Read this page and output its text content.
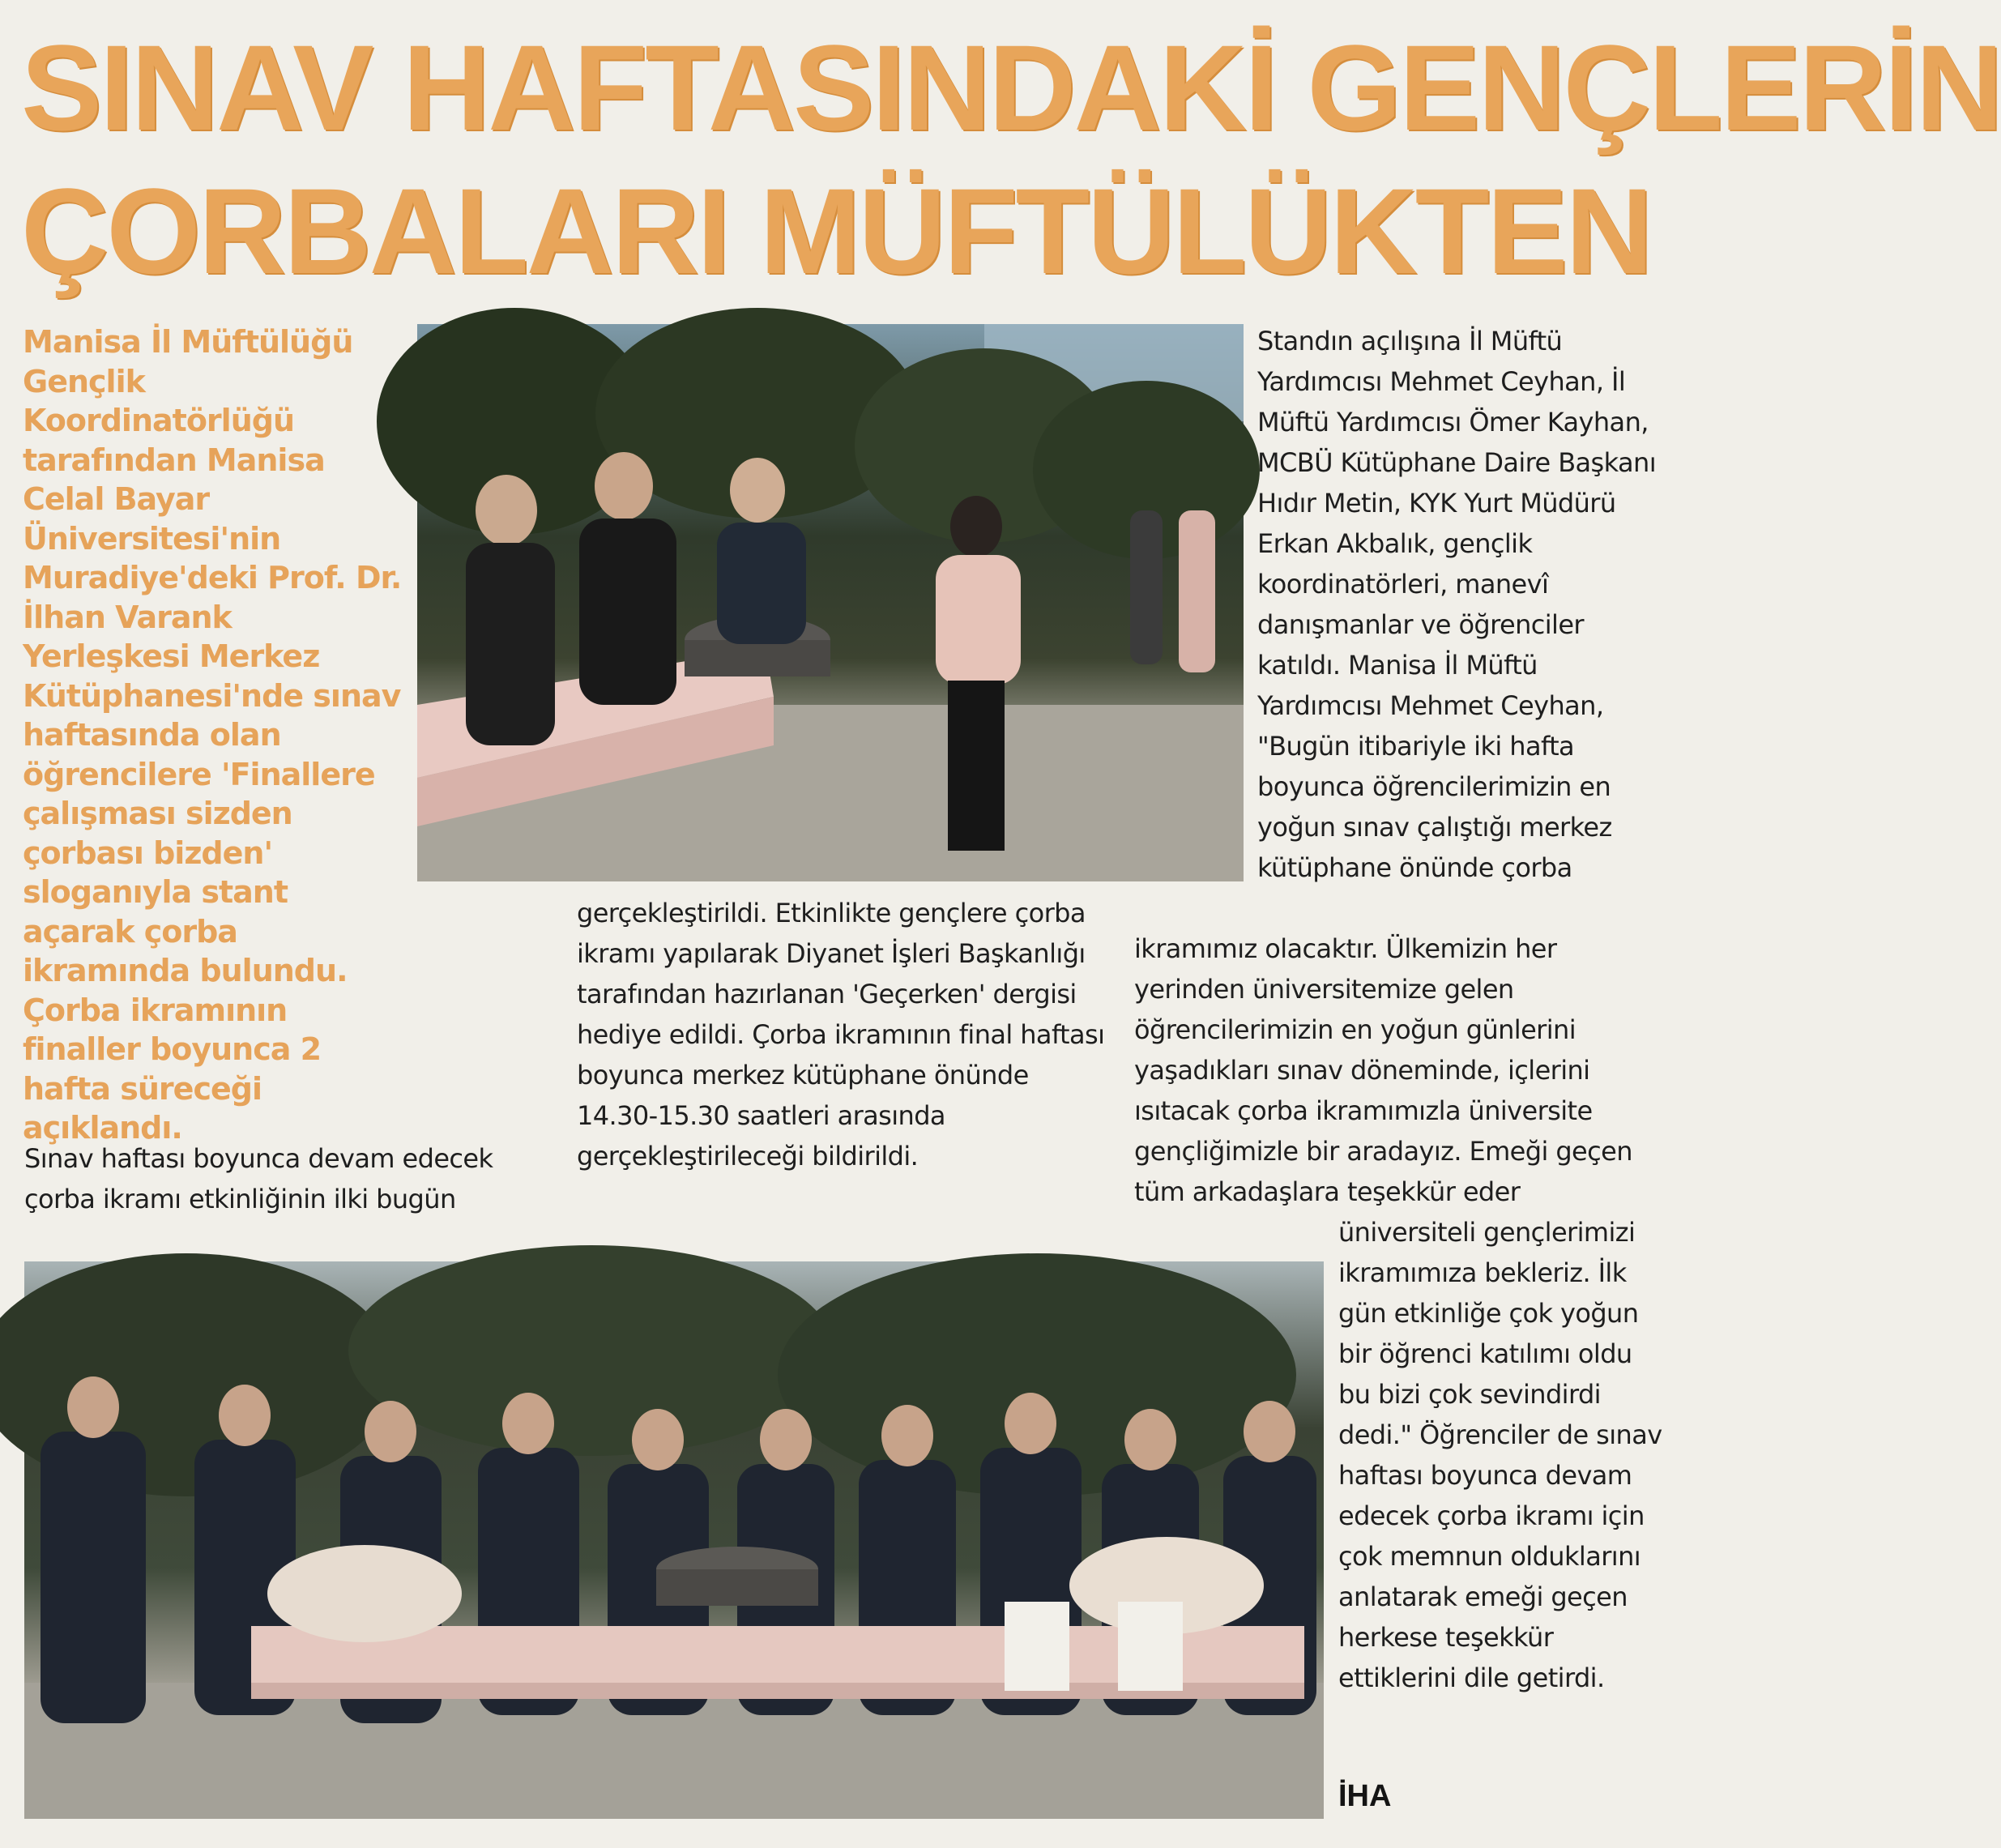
SINAV HAFTASINDAKİ GENÇLERİN
ÇORBALARI MÜFTÜLÜKTEN

Manisa İl Müftülüğü Gençlik Koordinatörlüğü tarafından Manisa Celal Bayar Üniversitesi'nin Muradiye'deki Prof. Dr. İlhan Varank Yerleşkesi Merkez Kütüphanesi'nde sınav haftasında olan öğrencilere 'Finallere çalışması sizden çorbası bizden' sloganıyla stant açarak çorba ikramında bulundu. Çorba ikramının finaller boyunca 2 hafta süreceği açıklandı.

Sınav haftası boyunca devam edecek çorba ikramı etkinliğinin ilki bugün

gerçekleştirildi. Etkinlikte gençlere çorba ikramı yapılarak Diyanet İşleri Başkanlığı tarafından hazırlanan 'Geçerken' dergisi hediye edildi. Çorba ikramının final haftası boyunca merkez kütüphane önünde 14.30-15.30 saatleri arasında gerçekleştirileceği bildirildi.

Standın açılışına İl Müftü Yardımcısı Mehmet Ceyhan, İl Müftü Yardımcısı Ömer Kayhan, MCBÜ Kütüphane Daire Başkanı Hıdır Metin, KYK Yurt Müdürü Erkan Akbalık, gençlik koordinatörleri, manevî danışmanlar ve öğrenciler katıldı. Manisa İl Müftü Yardımcısı Mehmet Ceyhan, "Bugün itibariyle iki hafta boyunca öğrencilerimizin en yoğun sınav çalıştığı merkez kütüphane önünde çorba

ikramımız olacaktır. Ülkemizin her yerinden üniversitemize gelen öğrencilerimizin en yoğun günlerini yaşadıkları sınav döneminde, içlerini ısıtacak çorba ikramımızla üniversite gençliğimizle bir aradayız. Emeği geçen tüm arkadaşlara teşekkür eder

üniversiteli gençlerimizi ikramımıza bekleriz. İlk gün etkinliğe çok yoğun bir öğrenci katılımı oldu bu bizi çok sevindirdi dedi." Öğrenciler de sınav haftası boyunca devam edecek çorba ikramı için çok memnun olduklarını anlatarak emeği geçen herkese teşekkür ettiklerini dile getirdi.

İHA
